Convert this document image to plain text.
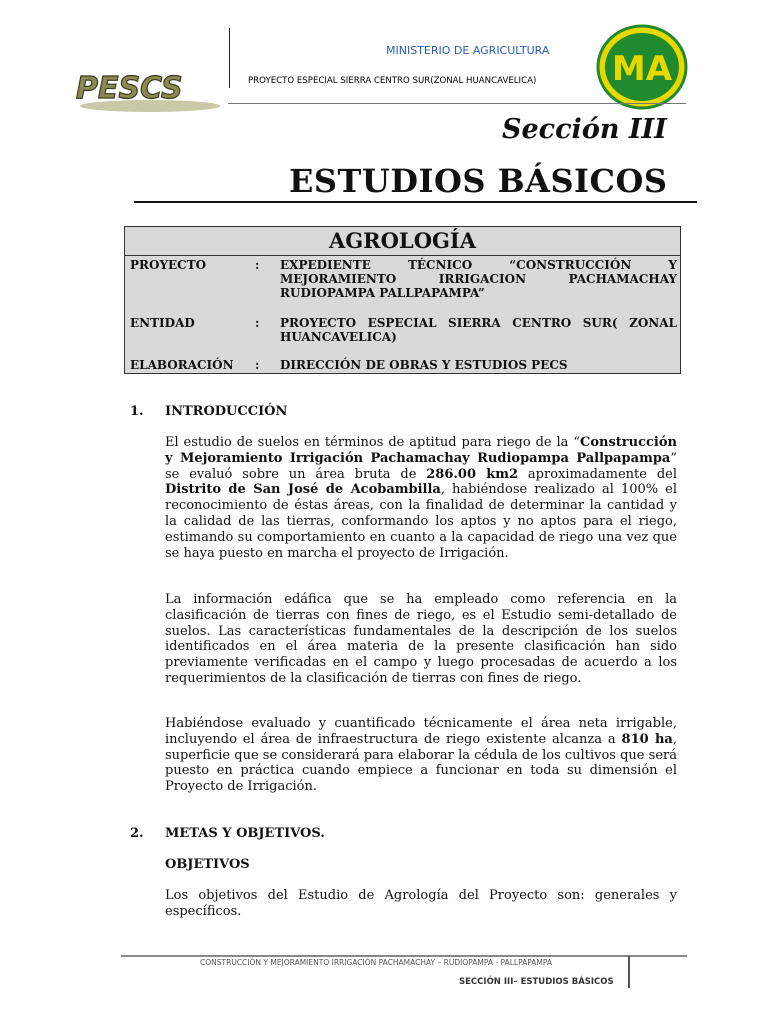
PESCS
MINISTERIO DE AGRICULTURA
PROYECTO ESPECIAL SIERRA CENTRO SUR(ZONAL HUANCAVELICA) MA
Sección III
ESTUDIOS BÁSICOS
AGROLOGÍA
PROYECTO	: EXPEDIENTE TÉCNICO “CONSTRUCCIÓN Y MEJORAMIENTO IRRIGACION PACHAMACHAY RUDIOPAMPA PALLPAPAMPA”
ENTIDAD	: PROYECTO ESPECIAL SIERRA CENTRO SUR( ZONAL HUANCAVELICA)
ELABORACIÓN : DIRECCIÓN DE OBRAS Y ESTUDIOS PECS
1. INTRODUCCIÓN
El estudio de suelos en términos de aptitud para riego de la “Construcción y Mejoramiento Irrigación Pachamachay Rudiopampa Pallpapampa” se evaluó sobre un área bruta de 286.00 km2 aproximadamente del Distrito de San José de Acobambilla, habiéndose realizado al 100% el reconocimiento de éstas áreas, con la finalidad de determinar la cantidad y la calidad de las tierras, conformando los aptos y no aptos para el riego, estimando su comportamiento en cuanto a la capacidad de riego una vez que se haya puesto en marcha el proyecto de Irrigación.
La información edáfica que se ha empleado como referencia en la clasificación de tierras con fines de riego, es el Estudio semi-detallado de suelos. Las características fundamentales de la descripción de los suelos identificados en el área materia de la presente clasificación han sido previamente verificadas en el campo y luego procesadas de acuerdo a los requerimientos de la clasificación de tierras con fines de riego.
Habiéndose evaluado y cuantificado técnicamente el área neta irrigable, incluyendo el área de infraestructura de riego existente alcanza a 810 ha, superficie que se considerará para elaborar la cédula de los cultivos que será puesto en práctica cuando empiece a funcionar en toda su dimensión el Proyecto de Irrigación.
2. METAS Y OBJETIVOS.
OBJETIVOS
Los objetivos del Estudio de Agrología del Proyecto son: generales y específicos.
CONSTRUCCIÓN Y MEJORAMIENTO IRRIGACIÓN PACHAMACHAY – RUDIOPAMPA - PALLPAPAMPA
SECCIÓN III– ESTUDIOS BÁSICOS
